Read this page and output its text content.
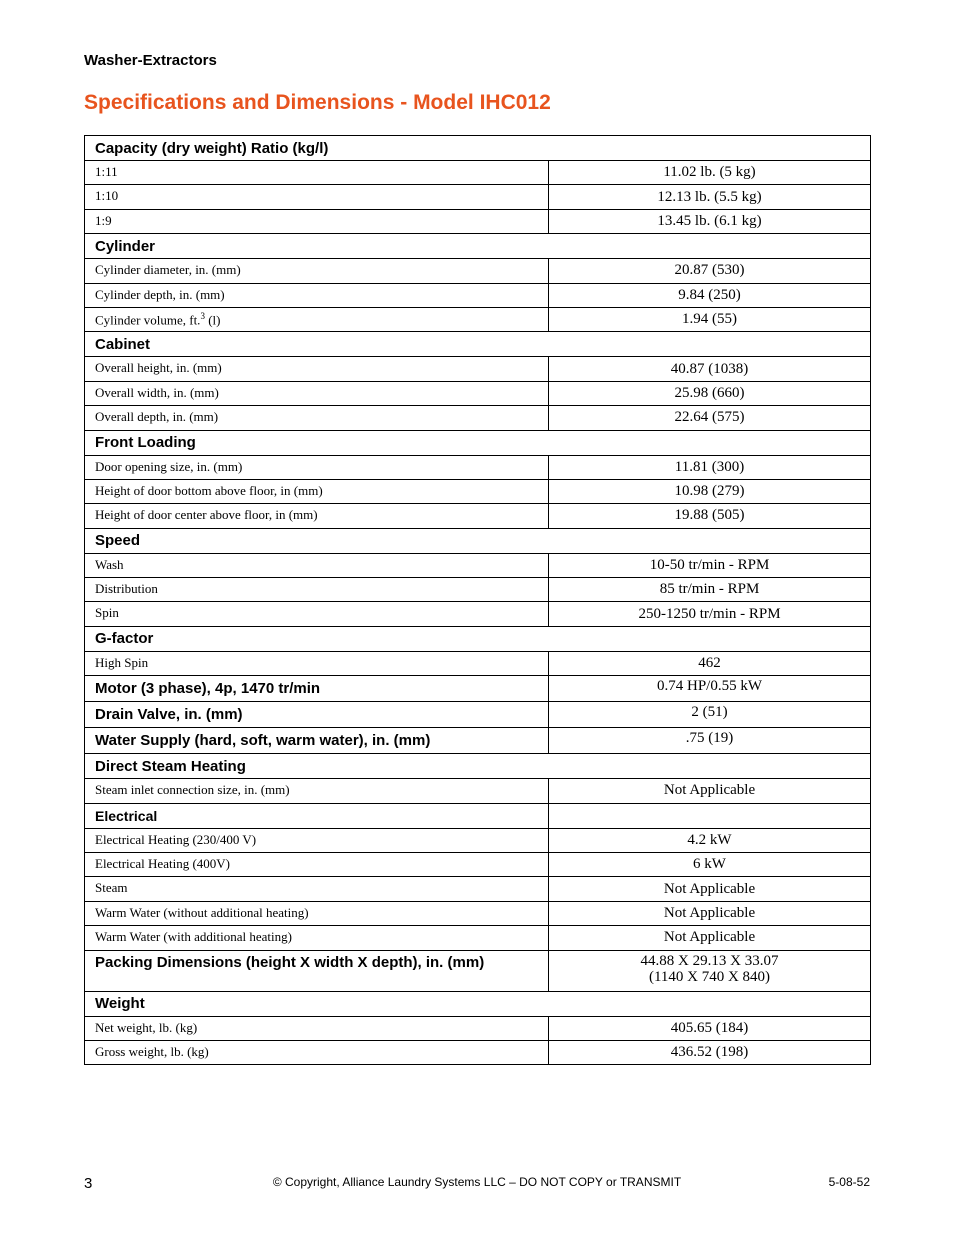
Washer-Extractors
Specifications and Dimensions - Model IHC012
Capacity (dry weight) Ratio (kg/l)	
1:11	11.02 lb. (5 kg)
1:10	12.13 lb. (5.5 kg)
1:9	13.45 lb. (6.1 kg)
Cylinder	
Cylinder diameter, in. (mm)	20.87 (530)
Cylinder depth, in. (mm)	9.84 (250)
Cylinder volume, ft.$^3$ (l)	1.94 (55)
Cabinet	
Overall height, in. (mm)	40.87 (1038)
Overall width, in. (mm)	25.98 (660)
Overall depth, in. (mm)	22.64 (575)
Front Loading	
Door opening size, in. (mm)	11.81 (300)
Height of door bottom above floor, in (mm)	10.98 (279)
Height of door center above floor, in (mm)	19.88 (505)
Speed	
Wash	10-50 tr/min - RPM
Distribution	85 tr/min - RPM
Spin	250-1250 tr/min - RPM
G-factor	
High Spin	462
Motor (3 phase), 4p, 1470 tr/min	0.74 HP/0.55 kW
Drain Valve, in. (mm)	2 (51)
Water Supply (hard, soft, warm water), in. (mm)	.75 (19)
Direct Steam Heating	
Steam inlet connection size, in. (mm)	Not Applicable
Electrical	
Electrical Heating (230/400 V)	4.2 kW
Electrical Heating (400V)	6 kW
Steam	Not Applicable
Warm Water (without additional heating)	Not Applicable
Warm Water (with additional heating)	Not Applicable
Packing Dimensions (height X width X depth), in. (mm)	44.88 X 29.13 X 33.07
(1140 X 740 X 840)

Weight	
Net weight, lb. (kg)	405.65 (184)
Gross weight, lb. (kg)	436.52 (198)
3	© Copyright, Alliance Laundry Systems LLC – DO NOT COPY or TRANSMIT	5-08-52
